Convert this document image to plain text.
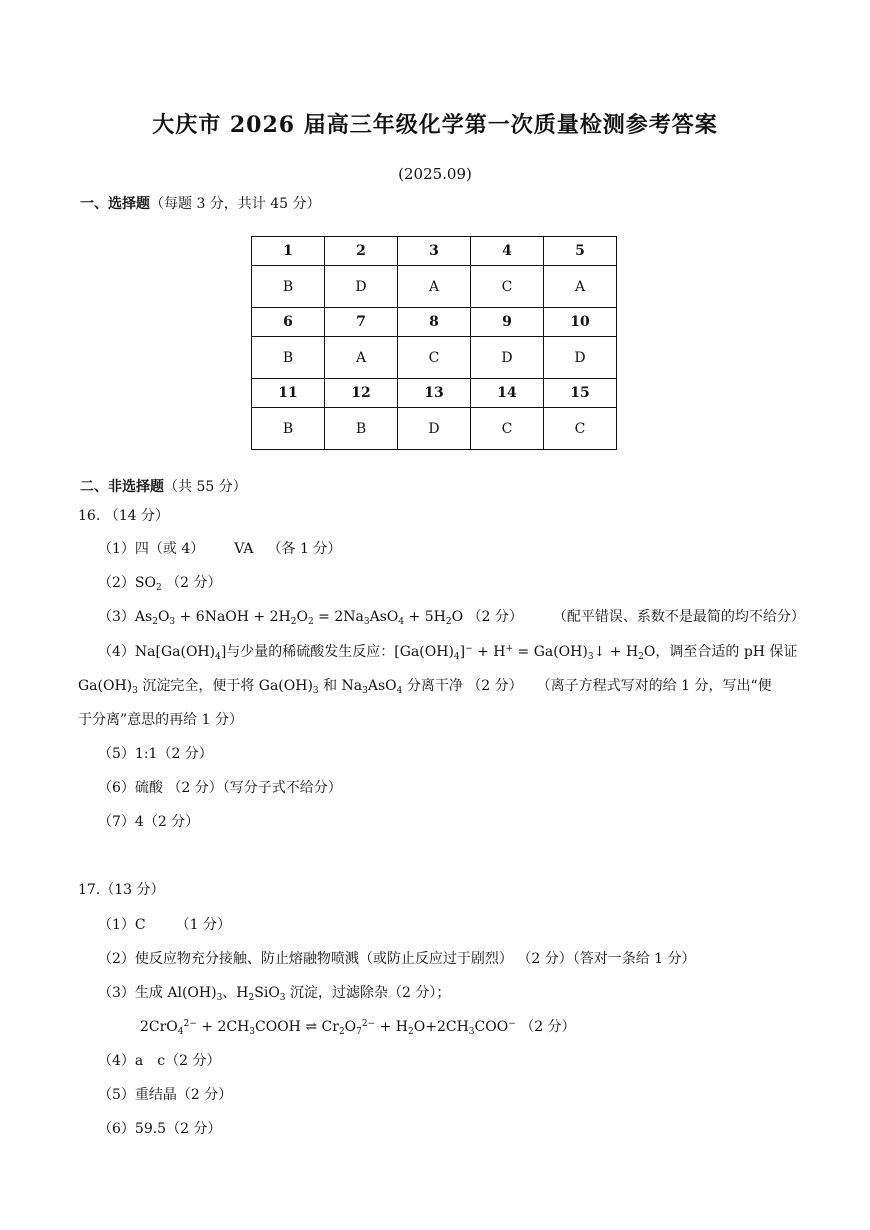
大庆市 2026 届高三年级化学第一次质量检测参考答案
(2025.09)
一、选择题（每题 3 分，共计 45 分）
1	2	3	4	5
B	D	A	C	A
6	7	8	9	10
B	A	C	D	D
11	12	13	14	15
B	B	D	C	C
二、非选择题（共 55 分）
16. （14 分）
（1）四（或 4） VA （各 1 分）
$(2)SO_2$ （2 分）
$(3)As_2O_3$ + 6NaOH + $2H_2O_2 = 2Na_3AsO_4 + 5H_2O$ （2 分） （配平错误、系数不是最简的均不给分）
$(4)Na[Ga(OH)_4]$与少量的稀硫酸发生反应：$[Ga(OH)_4]^- + H^+$ = $Ga(OH)_3↓ + H_2O$，调至合适的 pH 保证
$Ga(OH)_3$ 沉淀完全，便于将 $Ga(OH)_3$ 和 $Na_3AsO_4$ 分离干净 （2 分） （离子方程式写对的给 1 分，写出“便
于分离”意思的再给 1 分）
（5）1:1（2 分）
（6）硫酸 （2 分）（写分子式不给分）
（7）4（2 分）
17.（13 分）
（1）C （1 分）
（2）使反应物充分接触、防止熔融物喷溅（或防止反应过于剧烈） （2 分）（答对一条给 1 分）
（3）生成 $Al(OH)_3$、$H_2SiO_3$ 沉淀，过滤除杂（2 分）；
$2CrO_4^{2-} + 2CH_3COOH$ ⇌ $Cr_2O_7^{2-} + H_2O+2CH_3COO^-$ （2 分）
（4）a　c（2 分）
（5）重结晶（2 分）
（6）59.5（2 分）
